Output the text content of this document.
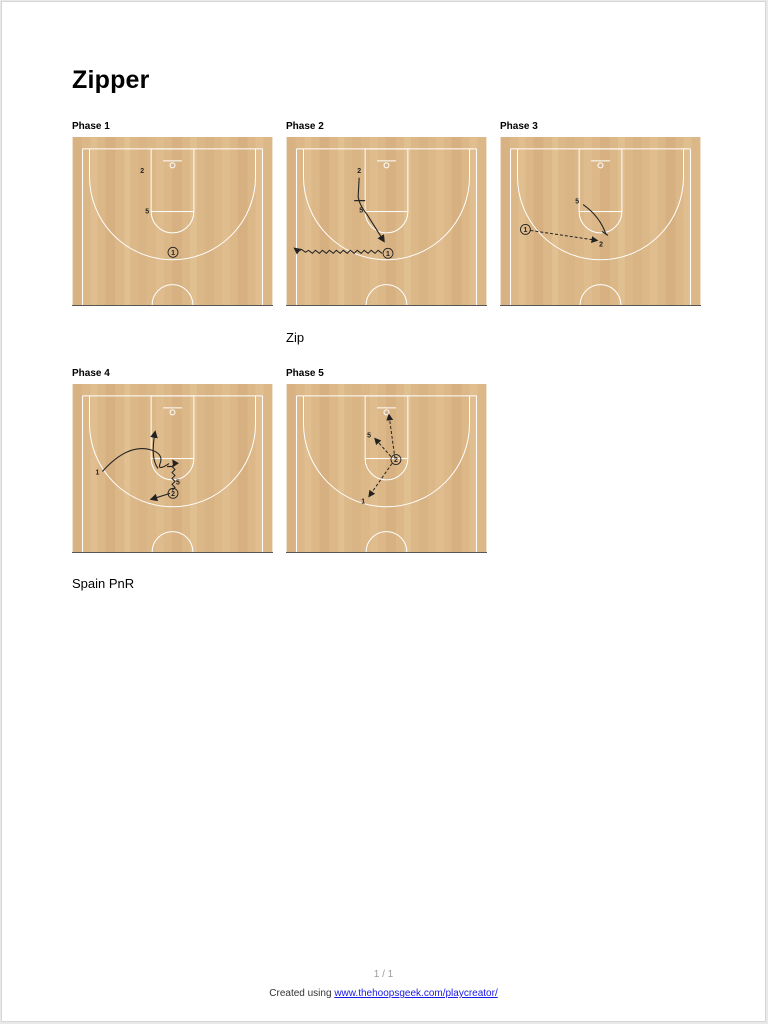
Zipper
Phase 1
2
5
1
Phase 2
2
5
1
Phase 3
5
2
1
Zip
Phase 4
1
5
2
Phase 5
5
1
2
Spain PnR
1 / 1
Created using www.thehoopsgeek.com/playcreator/
